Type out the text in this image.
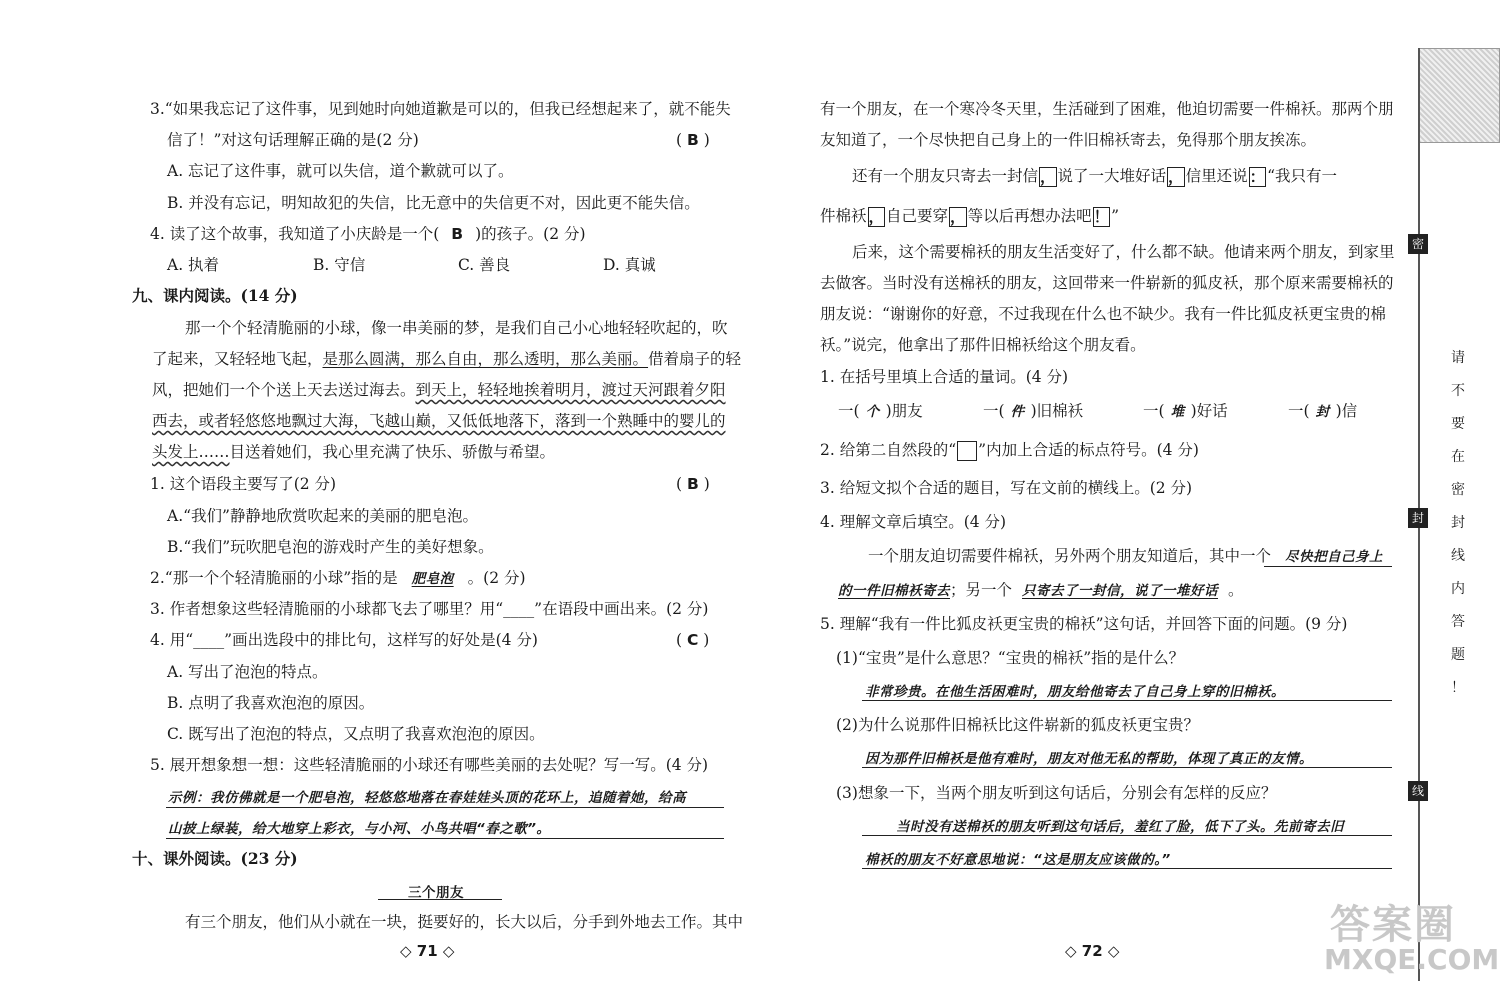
3.“如果我忘记了这件事，见到她时向她道歉是可以的，但我已经想起来了，就不能失
信了！”对这句话理解正确的是(2 分)	( B )
A. 忘记了这件事，就可以失信，道个歉就可以了。
B. 并没有忘记，明知故犯的失信，比无意中的失信更不对，因此更不能失信。
4. 读了这个故事，我知道了小庆龄是一个( B )的孩子。(2 分)
A. 执着	B. 守信	C. 善良	D. 真诚
九、课内阅读。(14 分)
那一个个轻清脆丽的小球，像一串美丽的梦，是我们自己小心地轻轻吹起的，吹
了起来，又轻轻地飞起，是那么圆满，那么自由，那么透明，那么美丽。借着扇子的轻
风，把她们一个个送上天去送过海去。到天上，轻轻地挨着明月，渡过天河跟着夕阳
西去，或者轻悠悠地飘过大海，飞越山巅，又低低地落下，落到一个熟睡中的婴儿的
头发上……目送着她们，我心里充满了快乐、骄傲与希望。
1. 这个语段主要写了(2 分)	( B )
A.“我们”静静地欣赏吹起来的美丽的肥皂泡。
B.“我们”玩吹肥皂泡的游戏时产生的美好想象。
2.“那一个个轻清脆丽的小球”指的是 肥皂泡 。(2 分)
3. 作者想象这些轻清脆丽的小球都飞去了哪里？用“____”在语段中画出来。(2 分)
4. 用“____”画出选段中的排比句，这样写的好处是(4 分)	( C )
A. 写出了泡泡的特点。
B. 点明了我喜欢泡泡的原因。
C. 既写出了泡泡的特点，又点明了我喜欢泡泡的原因。
5. 展开想象想一想：这些轻清脆丽的小球还有哪些美丽的去处呢？写一写。(4 分)
示例：我仿佛就是一个肥皂泡，轻悠悠地落在春娃娃头顶的花环上，追随着她，给高
山披上绿装，给大地穿上彩衣，与小河、小鸟共唱“春之歌”。
十、课外阅读。(23 分)
三个朋友
有三个朋友，他们从小就在一块，挺要好的，长大以后，分手到外地去工作。其中
◇ 71 ◇
有一个朋友，在一个寒冷冬天里，生活碰到了困难，他迫切需要一件棉袄。那两个朋
友知道了，一个尽快把自己身上的一件旧棉袄寄去，免得那个朋友挨冻。
还有一个朋友只寄去一封信 ， 说了一大堆好话 ， 信里还说 ： “我只有一
件棉袄 ， 自己要穿 ， 等以后再想办法吧 ！ ”
后来，这个需要棉袄的朋友生活变好了，什么都不缺。他请来两个朋友，到家里
去做客。当时没有送棉袄的朋友，这回带来一件崭新的狐皮袄，那个原来需要棉袄的
朋友说：“谢谢你的好意，不过我现在什么也不缺少。我有一件比狐皮袄更宝贵的棉
袄。”说完，他拿出了那件旧棉袄给这个朋友看。
1. 在括号里填上合适的量词。(4 分)
一( 个 )朋友	一( 件 )旧棉袄	一( 堆 )好话	一( 封 )信
2. 给第二自然段的“ ”内加上合适的标点符号。(4 分)
3. 给短文拟个合适的题目，写在文前的横线上。(2 分)
4. 理解文章后填空。(4 分)
一个朋友迫切需要件棉袄，另外两个朋友知道后，其中一个 尽快把自己身上
的一件旧棉袄寄去；另一个 只寄去了一封信，说了一堆好话 。
5. 理解“我有一件比狐皮袄更宝贵的棉袄”这句话，并回答下面的问题。(9 分)
(1)“宝贵”是什么意思？“宝贵的棉袄”指的是什么？
非常珍贵。在他生活困难时，朋友给他寄去了自己身上穿的旧棉袄。
(2)为什么说那件旧棉袄比这件崭新的狐皮袄更宝贵？
因为那件旧棉袄是他有难时，朋友对他无私的帮助，体现了真正的友情。
(3)想象一下，当两个朋友听到这句话后，分别会有怎样的反应？
当时没有送棉袄的朋友听到这句话后，羞红了脸，低下了头。先前寄去旧
棉袄的朋友不好意思地说：“这是朋友应该做的。”
◇ 72 ◇
密
封
线
请
不
要
在
密
封
线
内
答
题
！
答案圈
MXQE.COM
